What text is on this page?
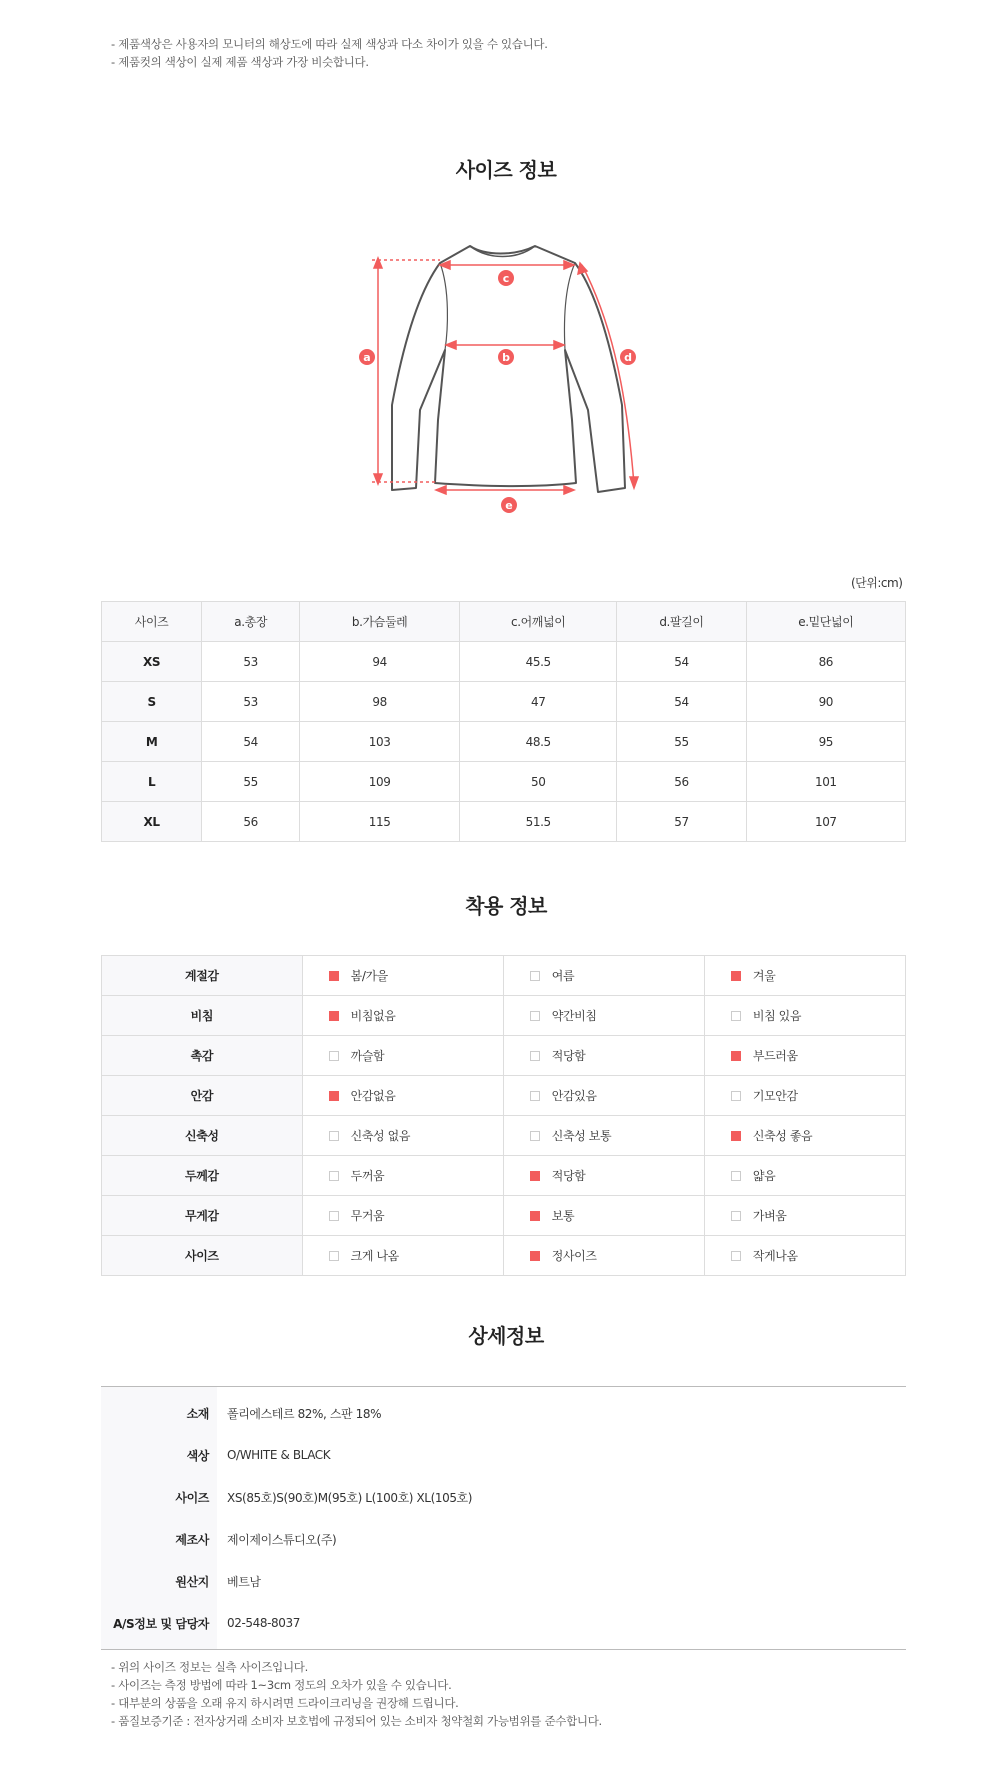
- 제품색상은 사용자의 모니터의 해상도에 따라 실제 색상과 다소 차이가 있을 수 있습니다.
- 제품컷의 색상이 실제 제품 색상과 가장 비슷합니다.
사이즈 정보
a
c
b	d
e
(단위:cm)
사이즈	a.총장	b.가슴둘레	c.어깨넓이	d.팔길이	e.밑단넓이
XS	53	94	45.5	54	86
S	53	98	47	54	90
M	54	103	48.5	55	95
L	55	109	50	56	101
XL	56	115	51.5	57	107
착용 정보
계절감	봄/가을	여름	겨울
비침	비침없음	약간비침	비침 있음
촉감	까슬함	적당함	부드러움
안감	안감없음	안감있음	기모안감
신축성	신축성 없음	신축성 보통	신축성 좋음
두께감	두꺼움	적당함	얇음
무게감	무거움	보통	가벼움
사이즈	크게 나옴	정사이즈	작게나옴
상세정보
소재	폴리에스테르 82%, 스판 18%
색상	O/WHITE & BLACK
사이즈	XS(85호)S(90호)M(95호) L(100호) XL(105호)
제조사	제이제이스튜디오(주)
원산지	베트남
A/S정보 및 담당자	02-548-8037
- 위의 사이즈 정보는 실측 사이즈입니다.
- 사이즈는 측정 방법에 따라 1~3cm 정도의 오차가 있을 수 있습니다.
- 대부분의 상품을 오래 유지 하시려면 드라이크리닝을 권장해 드립니다.
- 품질보증기준 : 전자상거래 소비자 보호법에 규정되어 있는 소비자 청약철회 가능범위를 준수합니다.
